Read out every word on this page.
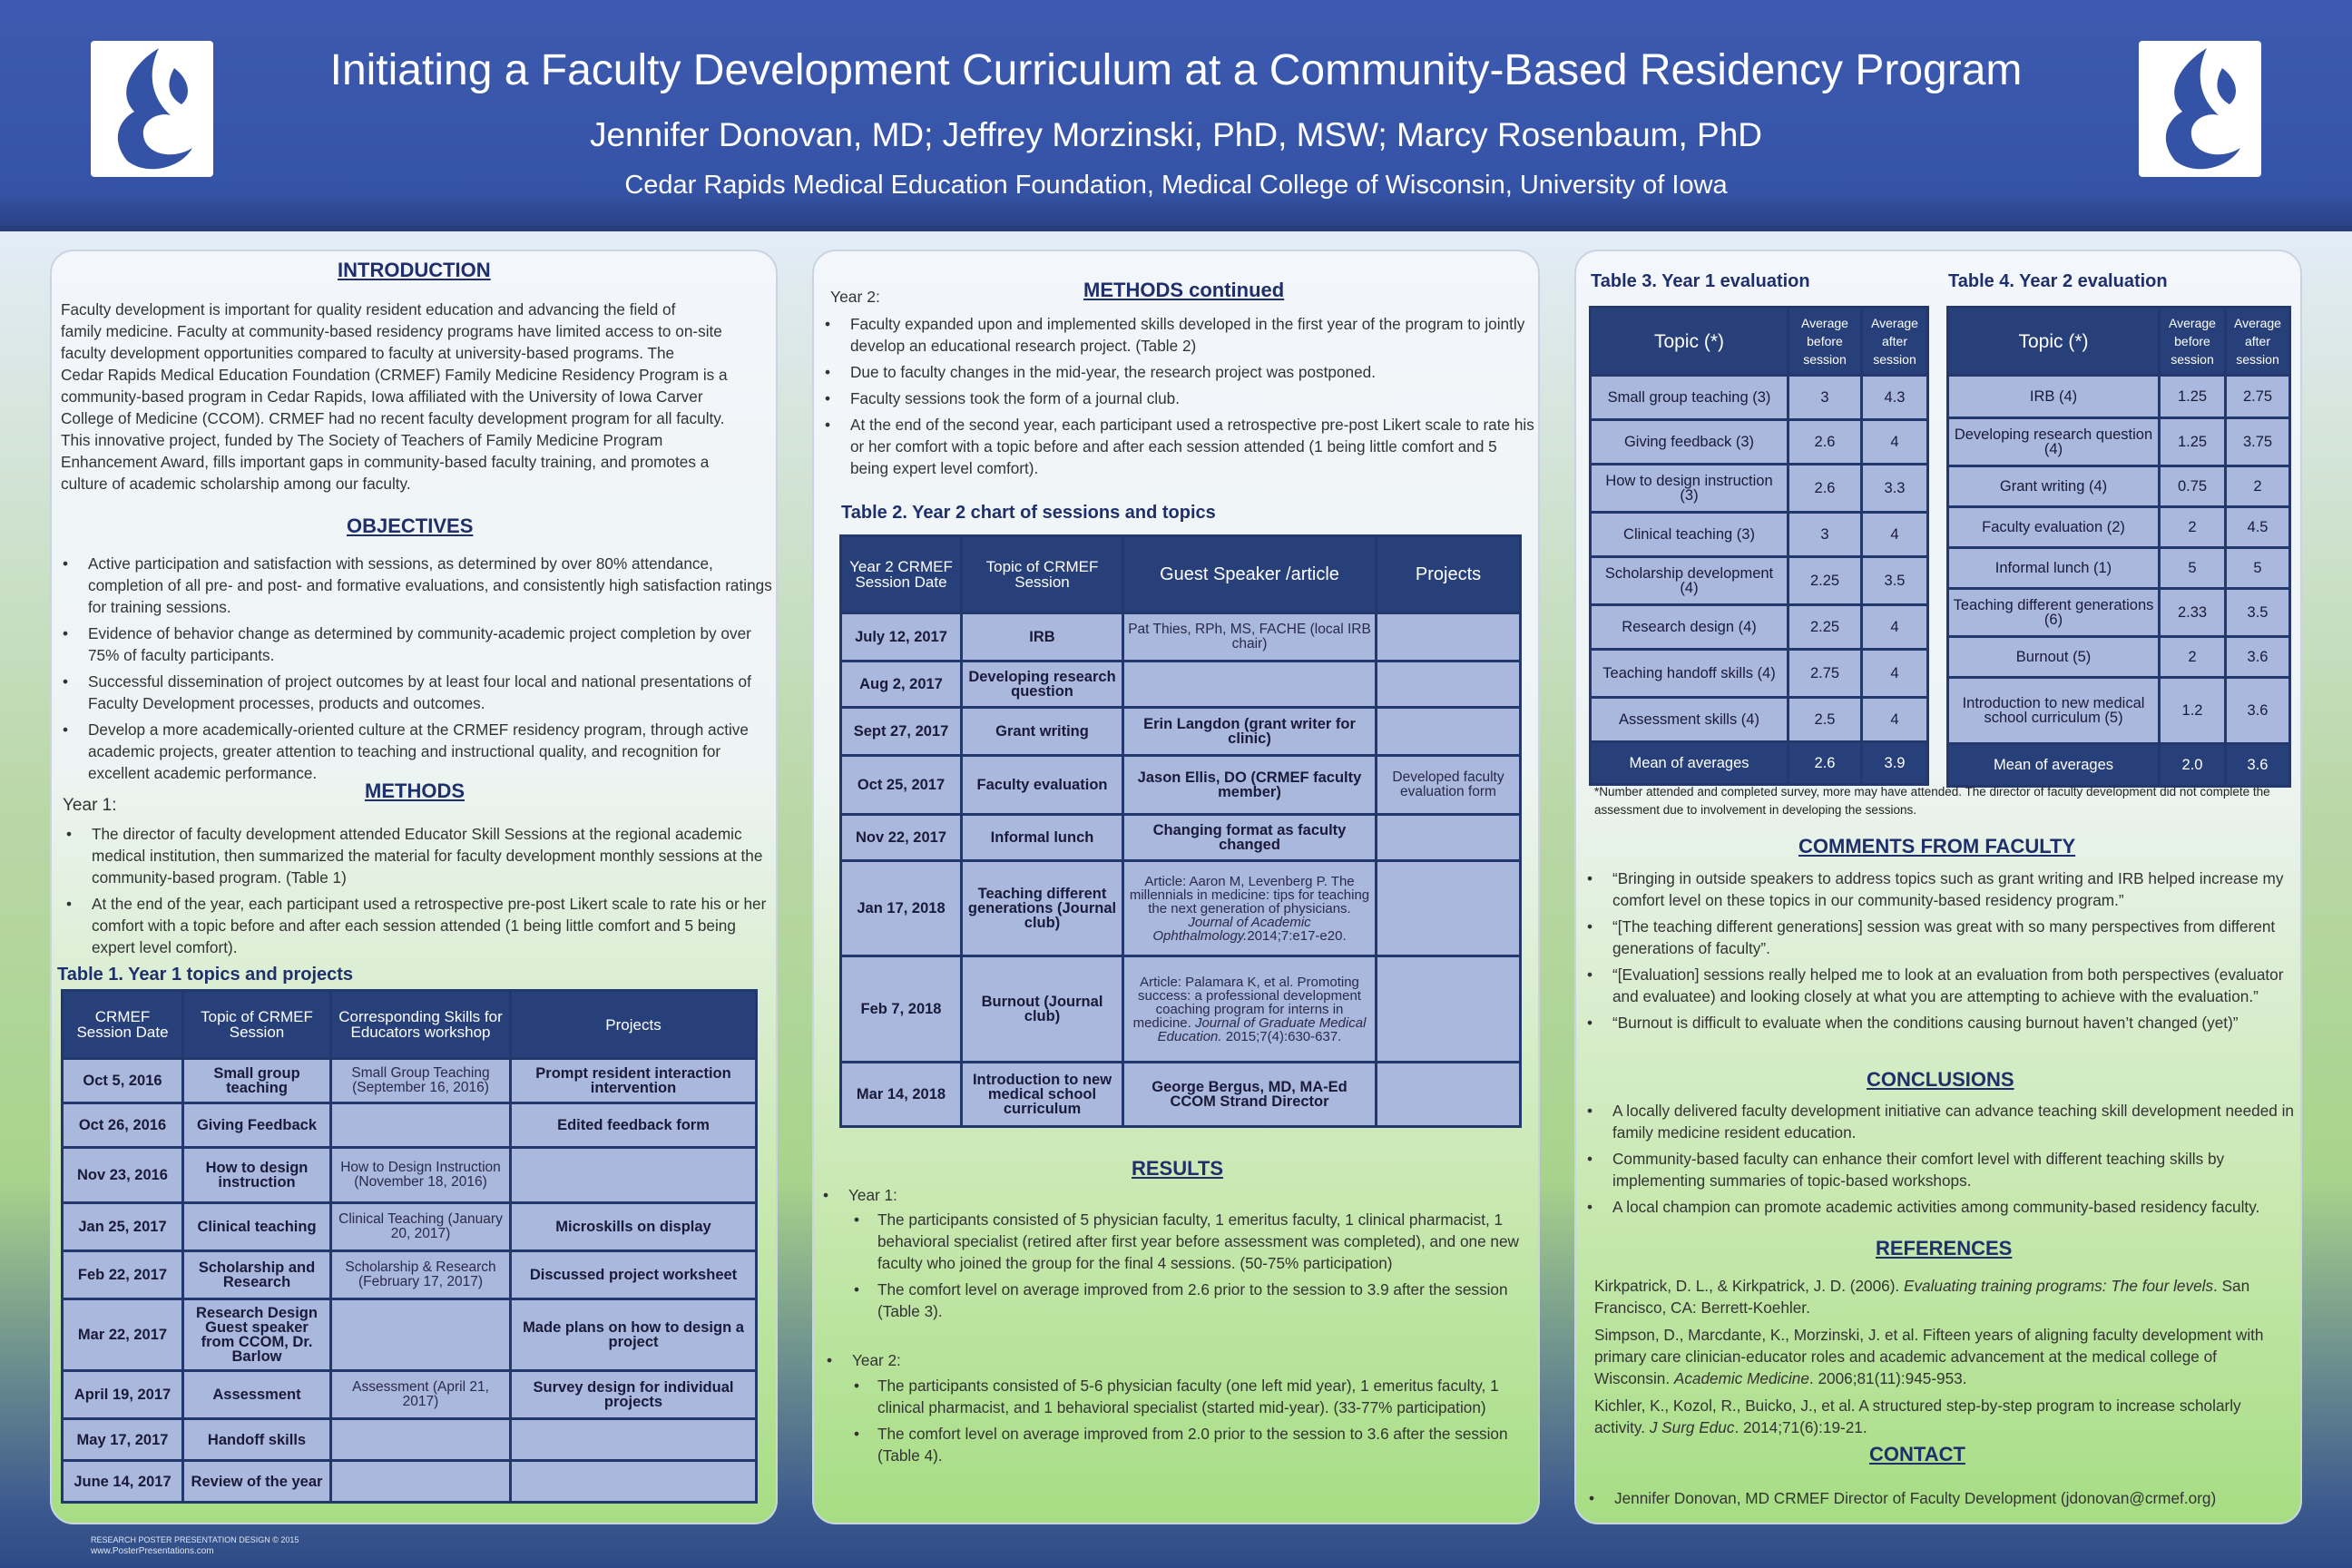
Initiating a Faculty Development Curriculum at a Community-Based Residency Program
Jennifer Donovan, MD; Jeffrey Morzinski, PhD, MSW; Marcy Rosenbaum, PhD
Cedar Rapids Medical Education Foundation, Medical College of Wisconsin, University of Iowa
INTRODUCTION
Faculty development is important for quality resident education and advancing the field of
family medicine. Faculty at community-based residency programs have limited access to on-site
faculty development opportunities compared to faculty at university-based programs. The
Cedar Rapids Medical Education Foundation (CRMEF) Family Medicine Residency Program is a
community-based program in Cedar Rapids, Iowa affiliated with the University of Iowa Carver
College of Medicine (CCOM). CRMEF had no recent faculty development program for all faculty.
This innovative project, funded by The Society of Teachers of Family Medicine Program
Enhancement Award, fills important gaps in community-based faculty training, and promotes a
culture of academic scholarship among our faculty.
OBJECTIVES
• Active participation and satisfaction with sessions, as determined by over 80% attendance, completion of all pre- and post- and formative evaluations, and consistently high satisfaction ratings for training sessions.
• Evidence of behavior change as determined by community-academic project completion by over 75% of faculty participants.
• Successful dissemination of project outcomes by at least four local and national presentations of Faculty Development processes, products and outcomes.
• Develop a more academically-oriented culture at the CRMEF residency program, through active academic projects, greater attention to teaching and instructional quality, and recognition for excellent academic performance.
METHODS
Year 1:
• The director of faculty development attended Educator Skill Sessions at the regional academic medical institution, then summarized the material for faculty development monthly sessions at the community-based program. (Table 1)
• At the end of the year, each participant used a retrospective pre-post Likert scale to rate his or her comfort with a topic before and after each session attended (1 being little comfort and 5 being expert level comfort).
Table 1. Year 1 topics and projects
CRMEF Session Date	Topic of CRMEF Session	Corresponding Skills for Educators workshop	Projects
Oct 5, 2016	Small group teaching	Small Group Teaching (September 16, 2016)	Prompt resident interaction intervention
Oct 26, 2016	Giving Feedback		Edited feedback form
Nov 23, 2016	How to design instruction	How to Design Instruction (November 18, 2016)	
Jan 25, 2017	Clinical teaching	Clinical Teaching (January 20, 2017)	Microskills on display
Feb 22, 2017	Scholarship and Research	Scholarship & Research (February 17, 2017)	Discussed project worksheet
Mar 22, 2017	Research Design Guest speaker from CCOM, Dr. Barlow		Made plans on how to design a project
April 19, 2017	Assessment	Assessment (April 21, 2017)	Survey design for individual projects
May 17, 2017	Handoff skills		
June 14, 2017	Review of the year		
Year 2:	METHODS continued
• Faculty expanded upon and implemented skills developed in the first year of the program to jointly develop an educational research project. (Table 2)
• Due to faculty changes in the mid-year, the research project was postponed.
• Faculty sessions took the form of a journal club.
• At the end of the second year, each participant used a retrospective pre-post Likert scale to rate his or her comfort with a topic before and after each session attended (1 being little comfort and 5 being expert level comfort).
Table 2. Year 2 chart of sessions and topics
Year 2 CRMEF Session Date	Topic of CRMEF Session	Guest Speaker /article	Projects
July 12, 2017	IRB	Pat Thies, RPh, MS, FACHE (local IRB chair)	
Aug 2, 2017	Developing research question		
Sept 27, 2017	Grant writing	Erin Langdon (grant writer for clinic)	
Oct 25, 2017	Faculty evaluation	Jason Ellis, DO (CRMEF faculty member)	Developed faculty evaluation form
Nov 22, 2017	Informal lunch	Changing format as faculty changed	
Jan 17, 2018	Teaching different generations (Journal club)	Article: Aaron M, Levenberg P. The millennials in medicine: tips for teaching the next generation of physicians. Journal of Academic Ophthalmology.2014;7:e17-e20.	
Feb 7, 2018	Burnout (Journal club)	Article: Palamara K, et al. Promoting success: a professional development coaching program for interns in medicine. Journal of Graduate Medical Education. 2015;7(4):630-637.	
Mar 14, 2018	Introduction to new medical school curriculum	George Bergus, MD, MA-Ed CCOM Strand Director	
RESULTS
• Year 1:
• The participants consisted of 5 physician faculty, 1 emeritus faculty, 1 clinical pharmacist, 1 behavioral specialist (retired after first year before assessment was completed), and one new faculty who joined the group for the final 4 sessions. (50-75% participation)
• The comfort level on average improved from 2.6 prior to the session to 3.9 after the session (Table 3).
• Year 2:
• The participants consisted of 5-6 physician faculty (one left mid year), 1 emeritus faculty, 1 clinical pharmacist, and 1 behavioral specialist (started mid-year). (33-77% participation)
• The comfort level on average improved from 2.0 prior to the session to 3.6 after the session (Table 4).
Table 3. Year 1 evaluation
Topic (*)	Average before session	Average after session
Small group teaching (3)	3	4.3
Giving feedback (3)	2.6	4
How to design instruction (3)	2.6	3.3
Clinical teaching (3)	3	4
Scholarship development (4)	2.25	3.5
Research design (4)	2.25	4
Teaching handoff skills (4)	2.75	4
Assessment skills (4)	2.5	4
Mean of averages	2.6	3.9
Table 4. Year 2 evaluation
Topic (*)	Average before session	Average after session
IRB (4)	1.25	2.75
Developing research question (4)	1.25	3.75
Grant writing (4)	0.75	2
Faculty evaluation (2)	2	4.5
Informal lunch (1)	5	5
Teaching different generations (6)	2.33	3.5
Burnout (5)	2	3.6
Introduction to new medical school curriculum (5)	1.2	3.6
Mean of averages	2.0	3.6
*Number attended and completed survey, more may have attended. The director of faculty development did not complete the assessment due to involvement in developing the sessions.
COMMENTS FROM FACULTY
• “Bringing in outside speakers to address topics such as grant writing and IRB helped increase my comfort level on these topics in our community-based residency program.”
• “[The teaching different generations] session was great with so many perspectives from different generations of faculty”.
• “[Evaluation] sessions really helped me to look at an evaluation from both perspectives (evaluator and evaluatee) and looking closely at what you are attempting to achieve with the evaluation.”
• “Burnout is difficult to evaluate when the conditions causing burnout haven’t changed (yet)”
CONCLUSIONS
• A locally delivered faculty development initiative can advance teaching skill development needed in family medicine resident education.
• Community-based faculty can enhance their comfort level with different teaching skills by implementing summaries of topic-based workshops.
• A local champion can promote academic activities among community-based residency faculty.
REFERENCES
Kirkpatrick, D. L., & Kirkpatrick, J. D. (2006). Evaluating training programs: The four levels. San Francisco, CA: Berrett-Koehler.
Simpson, D., Marcdante, K., Morzinski, J. et al. Fifteen years of aligning faculty development with primary care clinician-educator roles and academic advancement at the medical college of Wisconsin. Academic Medicine. 2006;81(11):945-953.
Kichler, K., Kozol, R., Buicko, J., et al. A structured step-by-step program to increase scholarly activity. J Surg Educ. 2014;71(6):19-21.
CONTACT
• Jennifer Donovan, MD CRMEF Director of Faculty Development (jdonovan@crmef.org)
RESEARCH POSTER PRESENTATION DESIGN © 2015
www.PosterPresentations.com
